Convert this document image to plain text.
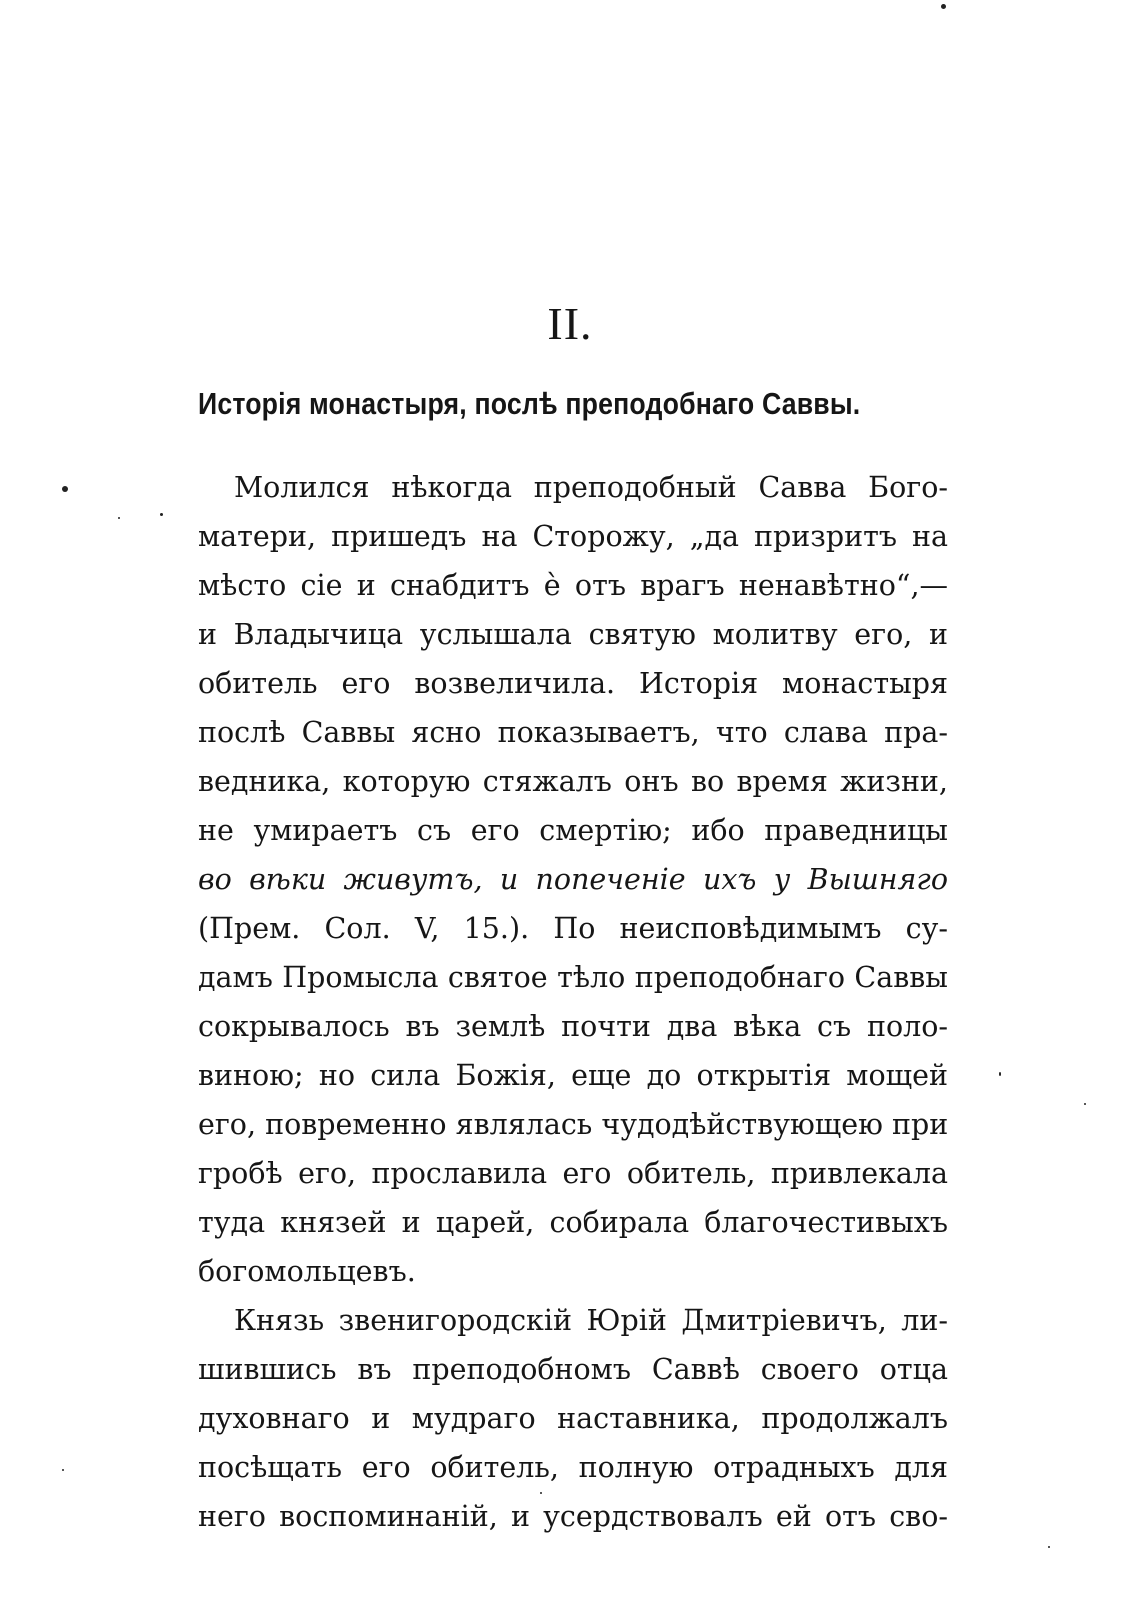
II.
Исторія монастыря, послѣ преподобнаго Саввы.
Молился нѣкогда преподобный Савва Бого-
матери, пришедъ на Сторожу, „да призритъ на
мѣсто сіе и снабдитъ ѐ отъ врагъ ненавѣтно“,—
и Владычица услышала святую молитву его, и
обитель его возвеличила. Исторія монастыря
послѣ Саввы ясно показываетъ, что слава пра-
ведника, которую стяжалъ онъ во время жизни,
не умираетъ съ его смертію; ибо праведницы
во вѣки живутъ, и попеченіе ихъ у Вышняго
(Прем. Сол. V, 15.). По неисповѣдимымъ су-
дамъ Промысла святое тѣло преподобнаго Саввы
сокрывалось въ землѣ почти два вѣка съ поло-
виною; но сила Божія, еще до открытія мощей
его, повременно являлась чудодѣйствующею при
гробѣ его, прославила его обитель, привлекала
туда князей и царей, собирала благочестивыхъ
богомольцевъ.
Князь звенигородскій Юрій Дмитріевичъ, ли-
шившись въ преподобномъ Саввѣ своего отца
духовнаго и мудраго наставника, продолжалъ
посѣщать его обитель, полную отрадныхъ для
него воспоминаній, и усердствовалъ ей отъ сво-
